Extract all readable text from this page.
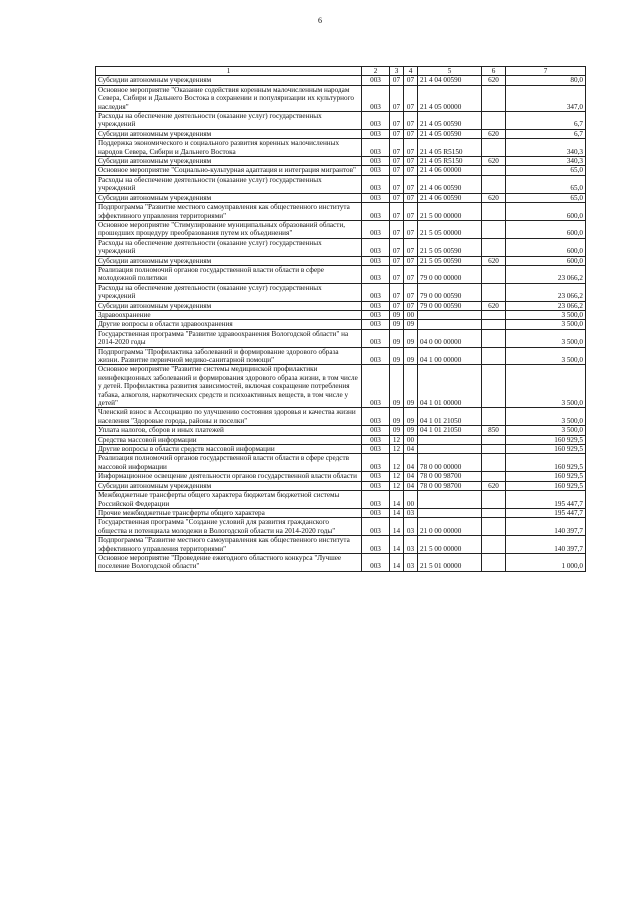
6
1	2	3	4	5	6	7
Субсидии автономным учреждениям	003	07	07	21 4 04 00590	620	80,0
Основное мероприятие "Оказание содействия коренным малочисленным народам Севера, Сибири и Дальнего Востока в сохранении и популяризации их культурного наследия"	003	07	07	21 4 05 00000		347,0
Расходы на обеспечение деятельности (оказание услуг) государственных учреждений	003	07	07	21 4 05 00590		6,7
Субсидии автономным учреждениям	003	07	07	21 4 05 00590	620	6,7
Поддержка экономического и социального развития коренных малочисленных народов Севера, Сибири и Дальнего Востока	003	07	07	21 4 05 R5150		340,3
Субсидии автономным учреждениям	003	07	07	21 4 05 R5150	620	340,3
Основное мероприятие "Социально-культурная адаптация и интеграция мигрантов"	003	07	07	21 4 06 00000		65,0
Расходы на обеспечение деятельности (оказание услуг) государственных учреждений	003	07	07	21 4 06 00590		65,0
Субсидии автономным учреждениям	003	07	07	21 4 06 00590	620	65,0
Подпрограмма "Развитие местного самоуправления как общественного института эффективного управления территориями"	003	07	07	21 5 00 00000		600,0
Основное мероприятие "Стимулирование муниципальных образований области, прошедших процедуру преобразования путем их объединения"	003	07	07	21 5 05 00000		600,0
Расходы на обеспечение деятельности (оказание услуг) государственных учреждений	003	07	07	21 5 05 00590		600,0
Субсидии автономным учреждениям	003	07	07	21 5 05 00590	620	600,0
Реализация полномочий органов государственной власти области в сфере молодежной политики	003	07	07	79 0 00 00000		23 066,2
Расходы на обеспечение деятельности (оказание услуг) государственных учреждений	003	07	07	79 0 00 00590		23 066,2
Субсидии автономным учреждениям	003	07	07	79 0 00 00590	620	23 066,2
Здравоохранение	003	09	00			3 500,0
Другие вопросы в области здравоохранения	003	09	09			3 500,0
Государственная программа "Развитие здравоохранения Вологодской области" на 2014-2020 годы	003	09	09	04 0 00 00000		3 500,0
Подпрограмма "Профилактика заболеваний и формирование здорового образа жизни. Развитие первичной медико-санитарной помощи"	003	09	09	04 1 00 00000		3 500,0
Основное мероприятие "Развитие системы медицинской профилактики неинфекционных заболеваний и формирования здорового образа жизни, в том числе у детей. Профилактика развития зависимостей, включая сокращение потребления табака, алкоголя, наркотических средств и психоактивных веществ, в том числе у детей"	003	09	09	04 1 01 00000		3 500,0
Членский взнос в Ассоциацию по улучшению состояния здоровья и качества жизни населения "Здоровые города, районы и поселки"	003	09	09	04 1 01 21050		3 500,0
Уплата налогов, сборов и иных платежей	003	09	09	04 1 01 21050	850	3 500,0
Средства массовой информации	003	12	00			160 929,5
Другие вопросы в области средств массовой информации	003	12	04			160 929,5
Реализация полномочий органов государственной власти области в сфере средств массовой информации	003	12	04	78 0 00 00000		160 929,5
Информационное освещение деятельности органов государственной власти области	003	12	04	78 0 00 98700		160 929,5
Субсидии автономным учреждениям	003	12	04	78 0 00 98700	620	160 929,5
Межбюджетные трансферты общего характера бюджетам бюджетной системы Российской Федерации	003	14	00			195 447,7
Прочие межбюджетные трансферты общего характера	003	14	03			195 447,7
Государственная программа "Создание условий для развития гражданского общества и потенциала молодежи в Вологодской области на 2014-2020 годы"	003	14	03	21 0 00 00000		140 397,7
Подпрограмма "Развитие местного самоуправления как общественного института эффективного управления территориями"	003	14	03	21 5 00 00000		140 397,7
Основное мероприятие "Проведение ежегодного областного конкурса "Лучшее поселение Вологодской области"	003	14	03	21 5 01 00000		1 000,0
